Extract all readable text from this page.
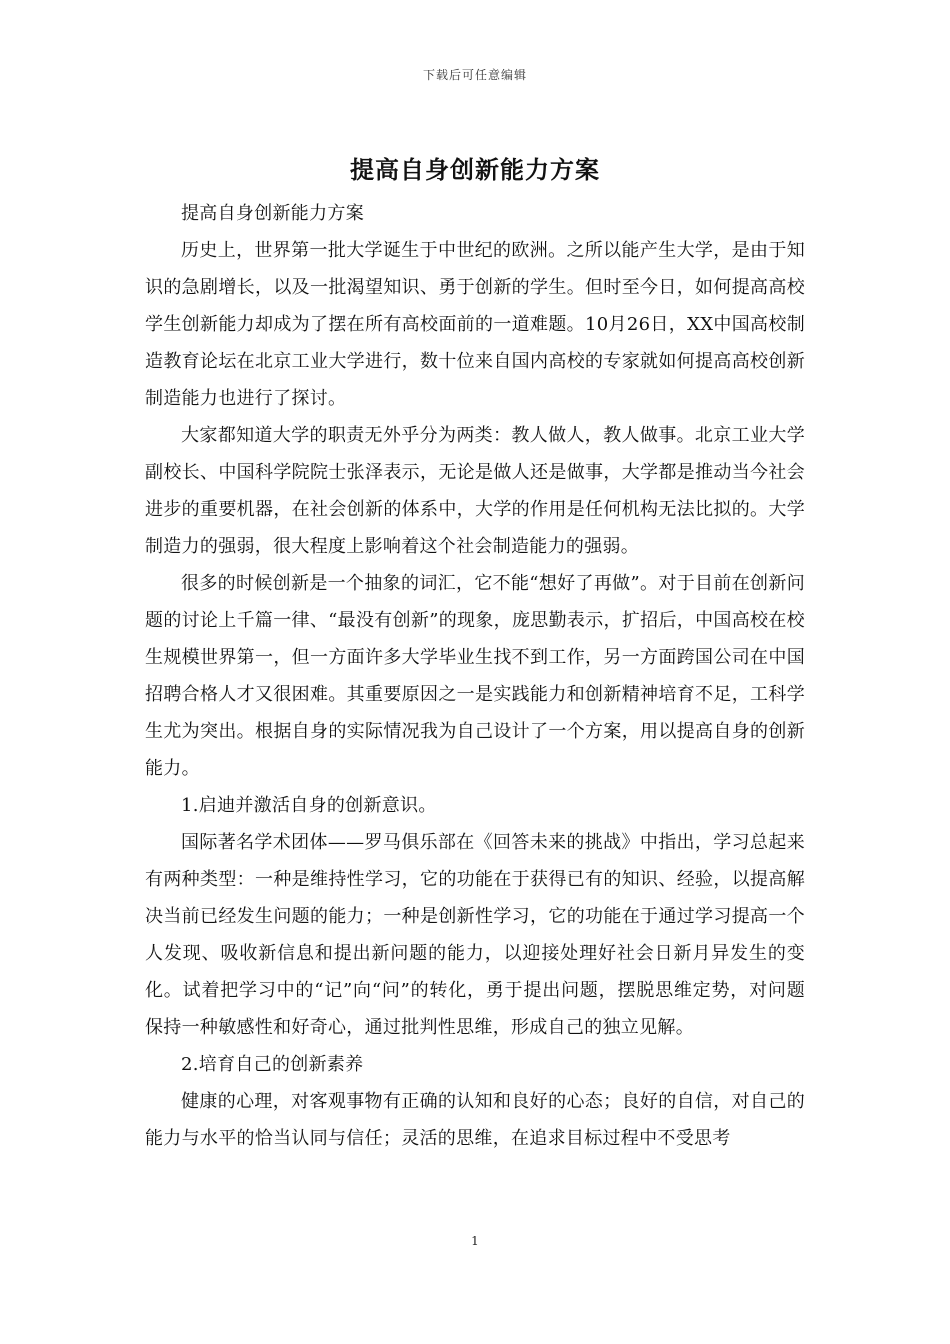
下载后可任意编辑
提高自身创新能力方案

提高自身创新能力方案

历史上，世界第一批大学诞生于中世纪的欧洲。之所以能产生大学，是由于知识的急剧增长，以及一批渴望知识、勇于创新的学生。但时至今日，如何提高高校学生创新能力却成为了摆在所有高校面前的一道难题。10月26日，XX中国高校制造教育论坛在北京工业大学进行，数十位来自国内高校的专家就如何提高高校创新制造能力也进行了探讨。

大家都知道大学的职责无外乎分为两类：教人做人，教人做事。北京工业大学副校长、中国科学院院士张泽表示，无论是做人还是做事，大学都是推动当今社会进步的重要机器，在社会创新的体系中，大学的作用是任何机构无法比拟的。大学制造力的强弱，很大程度上影响着这个社会制造能力的强弱。

很多的时候创新是一个抽象的词汇，它不能“想好了再做”。对于目前在创新问题的讨论上千篇一律、“最没有创新”的现象，庞思勤表示，扩招后，中国高校在校生规模世界第一，但一方面许多大学毕业生找不到工作，另一方面跨国公司在中国招聘合格人才又很困难。其重要原因之一是实践能力和创新精神培育不足，工科学生尤为突出。根据自身的实际情况我为自己设计了一个方案，用以提高自身的创新能力。

1.启迪并激活自身的创新意识。

国际著名学术团体——罗马俱乐部在《回答未来的挑战》中指出，学习总起来有两种类型：一种是维持性学习，它的功能在于获得已有的知识、经验，以提高解决当前已经发生问题的能力；一种是创新性学习，它的功能在于通过学习提高一个人发现、吸收新信息和提出新问题的能力，以迎接处理好社会日新月异发生的变化。试着把学习中的“记”向“问”的转化，勇于提出问题，摆脱思维定势，对问题保持一种敏感性和好奇心，通过批判性思维，形成自己的独立见解。

2.培育自己的创新素养

健康的心理，对客观事物有正确的认知和良好的心态；良好的自信，对自己的能力与水平的恰当认同与信任；灵活的思维，在追求目标过程中不受思考

1
